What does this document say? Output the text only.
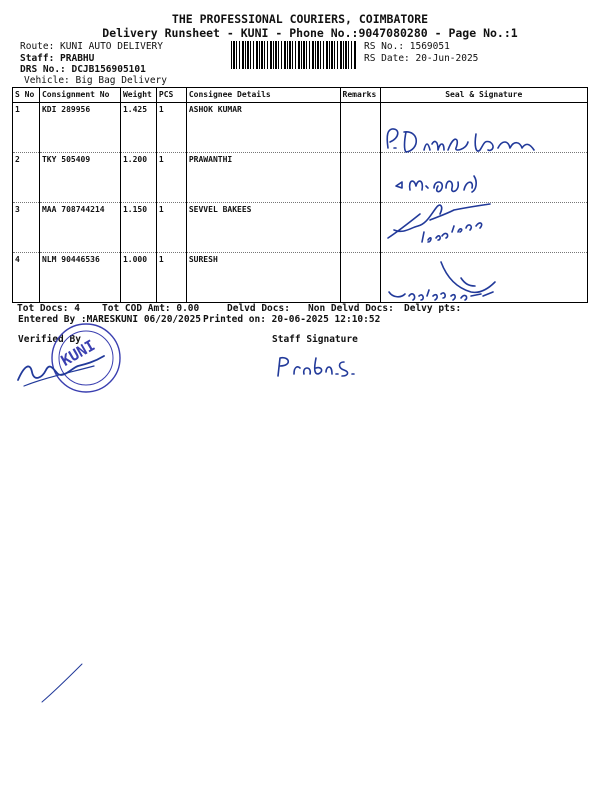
THE PROFESSIONAL COURIERS, COIMBATORE
Delivery Runsheet - KUNI - Phone No.:9047080280 - Page No.:1
Route: KUNI AUTO DELIVERY
Staff: PRABHU
DRS No.: DCJB156905101
Vehicle: Big Bag Delivery
RS No.: 1569051
RS Date: 20-Jun-2025
S No	Consignment No	Weight	PCS	Consignee Details	Remarks	Seal & Signature
1	KDI 289956	1.425	1	ASHOK KUMAR		
2	TKY 505409	1.200	1	PRAWANTHI		
3	MAA 708744214	1.150	1	SEVVEL BAKEES		
4	NLM 90446536	1.000	1	SURESH		
Tot Docs: 4 Tot COD Amt: 0.00	Delvd Docs: Non Delvd Docs: Delvy pts:
Entered By :MARESKUNI 06/20/2025 Printed on: 20-06-2025 12:10:52
Verified By	Staff Signature
KUNI
